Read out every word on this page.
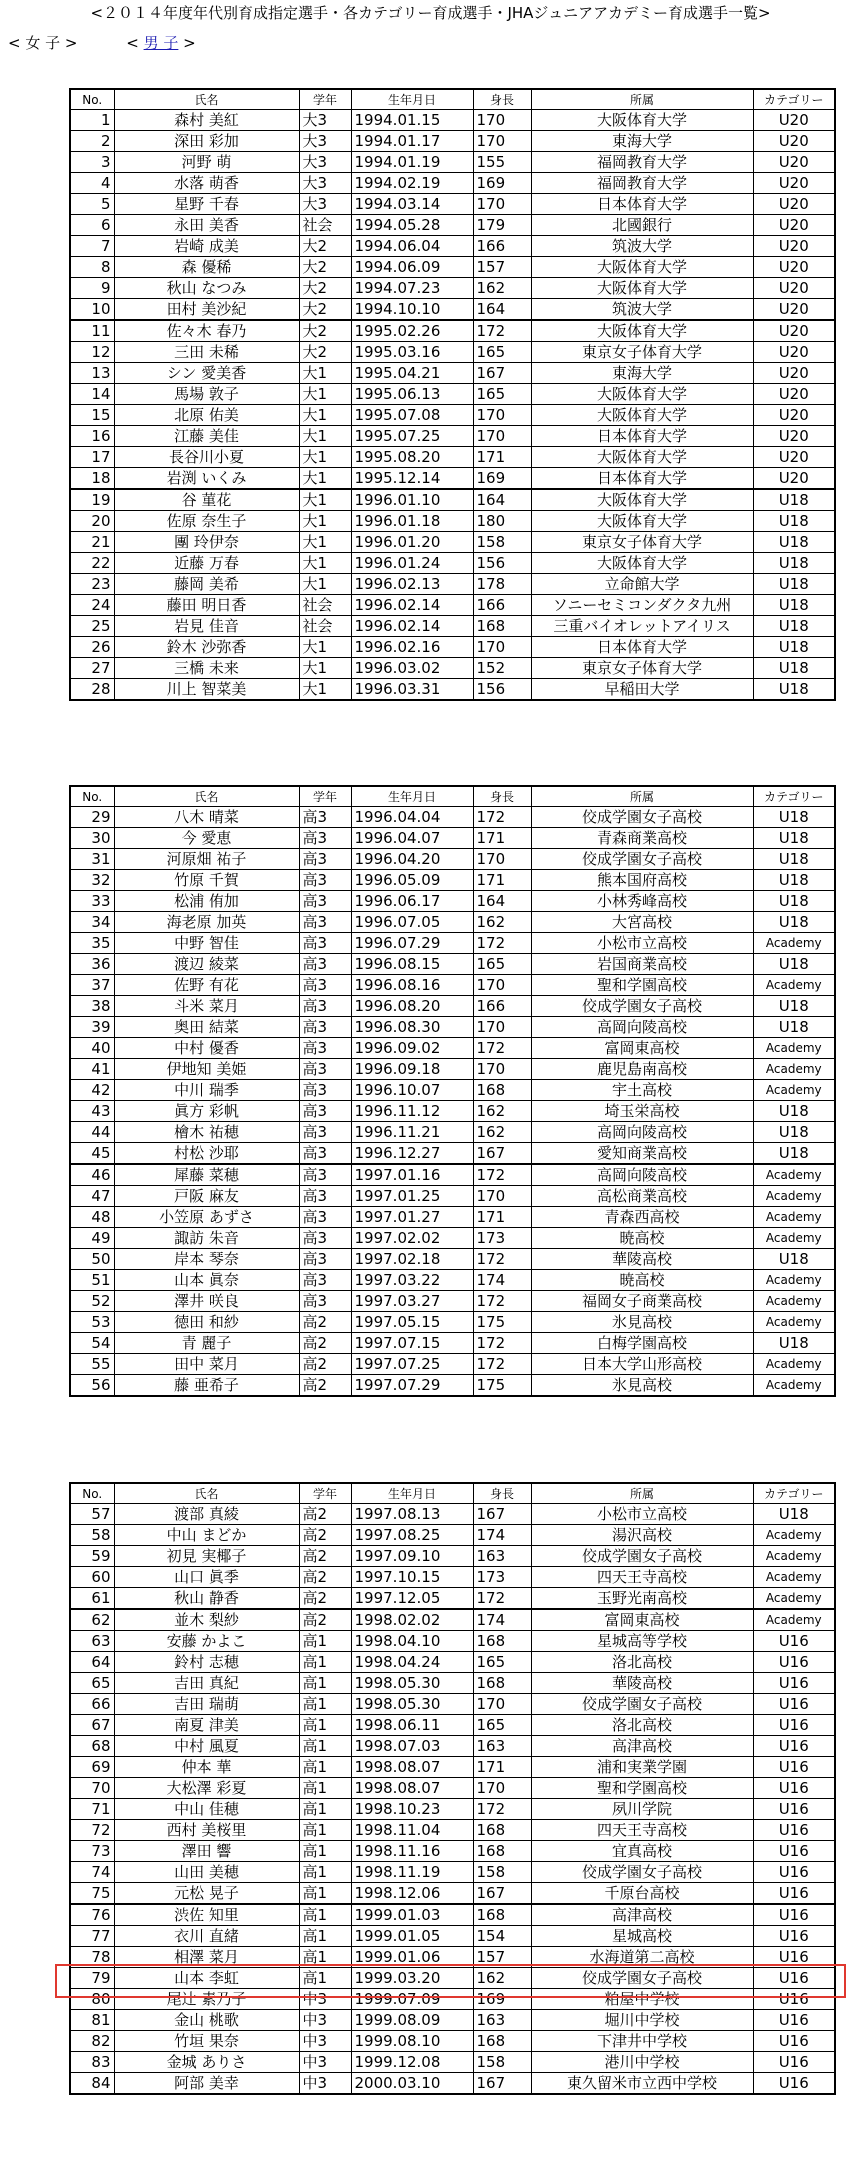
<２０１４年度年代別育成指定選手・各カテゴリー育成選手・JHAジュニアアカデミー育成選手一覧>
< 女 子 >	< 男 子 >
No.	氏名	学年	生年月日	身長	所属	カテゴリー
1	森村 美紅	大3	1994.01.15	170	大阪体育大学	U20
2	深田 彩加	大3	1994.01.17	170	東海大学	U20
3	河野 萌	大3	1994.01.19	155	福岡教育大学	U20
4	水落 萌香	大3	1994.02.19	169	福岡教育大学	U20
5	星野 千春	大3	1994.03.14	170	日本体育大学	U20
6	永田 美香	社会	1994.05.28	179	北國銀行	U20
7	岩崎 成美	大2	1994.06.04	166	筑波大学	U20
8	森 優稀	大2	1994.06.09	157	大阪体育大学	U20
9	秋山 なつみ	大2	1994.07.23	162	大阪体育大学	U20
10	田村 美沙紀	大2	1994.10.10	164	筑波大学	U20
11	佐々木 春乃	大2	1995.02.26	172	大阪体育大学	U20
12	三田 未稀	大2	1995.03.16	165	東京女子体育大学	U20
13	シン 愛美香	大1	1995.04.21	167	東海大学	U20
14	馬場 敦子	大1	1995.06.13	165	大阪体育大学	U20
15	北原 佑美	大1	1995.07.08	170	大阪体育大学	U20
16	江藤 美佳	大1	1995.07.25	170	日本体育大学	U20
17	長谷川小夏	大1	1995.08.20	171	大阪体育大学	U20
18	岩渕 いくみ	大1	1995.12.14	169	日本体育大学	U20
19	谷 菫花	大1	1996.01.10	164	大阪体育大学	U18
20	佐原 奈生子	大1	1996.01.18	180	大阪体育大学	U18
21	團 玲伊奈	大1	1996.01.20	158	東京女子体育大学	U18
22	近藤 万春	大1	1996.01.24	156	大阪体育大学	U18
23	藤岡 美希	大1	1996.02.13	178	立命館大学	U18
24	藤田 明日香	社会	1996.02.14	166	ソニーセミコンダクタ九州	U18
25	岩見 佳音	社会	1996.02.14	168	三重バイオレットアイリス	U18
26	鈴木 沙弥香	大1	1996.02.16	170	日本体育大学	U18
27	三橋 未来	大1	1996.03.02	152	東京女子体育大学	U18
28	川上 智菜美	大1	1996.03.31	156	早稲田大学	U18
No.	氏名	学年	生年月日	身長	所属	カテゴリー
29	八木 晴菜	高3	1996.04.04	172	佼成学園女子高校	U18
30	今 愛恵	高3	1996.04.07	171	青森商業高校	U18
31	河原畑 祐子	高3	1996.04.20	170	佼成学園女子高校	U18
32	竹原 千賀	高3	1996.05.09	171	熊本国府高校	U18
33	松浦 侑加	高3	1996.06.17	164	小林秀峰高校	U18
34	海老原 加英	高3	1996.07.05	162	大宮高校	U18
35	中野 智佳	高3	1996.07.29	172	小松市立高校	Academy
36	渡辺 綾菜	高3	1996.08.15	165	岩国商業高校	U18
37	佐野 有花	高3	1996.08.16	170	聖和学園高校	Academy
38	斗米 菜月	高3	1996.08.20	166	佼成学園女子高校	U18
39	奥田 結菜	高3	1996.08.30	170	高岡向陵高校	U18
40	中村 優香	高3	1996.09.02	172	富岡東高校	Academy
41	伊地知 美姫	高3	1996.09.18	170	鹿児島南高校	Academy
42	中川 瑞季	高3	1996.10.07	168	宇土高校	Academy
43	眞方 彩帆	高3	1996.11.12	162	埼玉栄高校	U18
44	檜木 祐穂	高3	1996.11.21	162	高岡向陵高校	U18
45	村松 沙耶	高3	1996.12.27	167	愛知商業高校	U18
46	犀藤 菜穂	高3	1997.01.16	172	高岡向陵高校	Academy
47	戸阪 麻友	高3	1997.01.25	170	高松商業高校	Academy
48	小笠原 あずさ	高3	1997.01.27	171	青森西高校	Academy
49	諏訪 朱音	高3	1997.02.02	173	暁高校	Academy
50	岸本 琴奈	高3	1997.02.18	172	華陵高校	U18
51	山本 眞奈	高3	1997.03.22	174	暁高校	Academy
52	澤井 咲良	高3	1997.03.27	172	福岡女子商業高校	Academy
53	徳田 和紗	高2	1997.05.15	175	氷見高校	Academy
54	青 麗子	高2	1997.07.15	172	白梅学園高校	U18
55	田中 菜月	高2	1997.07.25	172	日本大学山形高校	Academy
56	藤 亜希子	高2	1997.07.29	175	氷見高校	Academy
No.	氏名	学年	生年月日	身長	所属	カテゴリー
57	渡部 真綾	高2	1997.08.13	167	小松市立高校	U18
58	中山 まどか	高2	1997.08.25	174	湯沢高校	Academy
59	初見 実椰子	高2	1997.09.10	163	佼成学園女子高校	Academy
60	山口 眞季	高2	1997.10.15	173	四天王寺高校	Academy
61	秋山 静香	高2	1997.12.05	172	玉野光南高校	Academy
62	並木 梨紗	高2	1998.02.02	174	富岡東高校	Academy
63	安藤 かよこ	高1	1998.04.10	168	星城高等学校	U16
64	鈴村 志穂	高1	1998.04.24	165	洛北高校	U16
65	吉田 真紀	高1	1998.05.30	168	華陵高校	U16
66	吉田 瑞萌	高1	1998.05.30	170	佼成学園女子高校	U16
67	南夏 津美	高1	1998.06.11	165	洛北高校	U16
68	中村 風夏	高1	1998.07.03	163	高津高校	U16
69	仲本 華	高1	1998.08.07	171	浦和実業学園	U16
70	大松澤 彩夏	高1	1998.08.07	170	聖和学園高校	U16
71	中山 佳穂	高1	1998.10.23	172	夙川学院	U16
72	西村 美桜里	高1	1998.11.04	168	四天王寺高校	U16
73	澤田 響	高1	1998.11.16	168	宜真高校	U16
74	山田 美穂	高1	1998.11.19	158	佼成学園女子高校	U16
75	元松 晃子	高1	1998.12.06	167	千原台高校	U16
76	渋佐 知里	高1	1999.01.03	168	高津高校	U16
77	衣川 直緒	高1	1999.01.05	154	星城高校	U16
78	相澤 菜月	高1	1999.01.06	157	水海道第二高校	U16
79	山本 李虹	高1	1999.03.20	162	佼成学園女子高校	U16
80	尾辻 素乃子	中3	1999.07.09	169	粕屋中学校	U16
81	金山 桃歌	中3	1999.08.09	163	堀川中学校	U16
82	竹垣 果奈	中3	1999.08.10	168	下津井中学校	U16
83	金城 ありさ	中3	1999.12.08	158	港川中学校	U16
84	阿部 美幸	中3	2000.03.10	167	東久留米市立西中学校	U16
